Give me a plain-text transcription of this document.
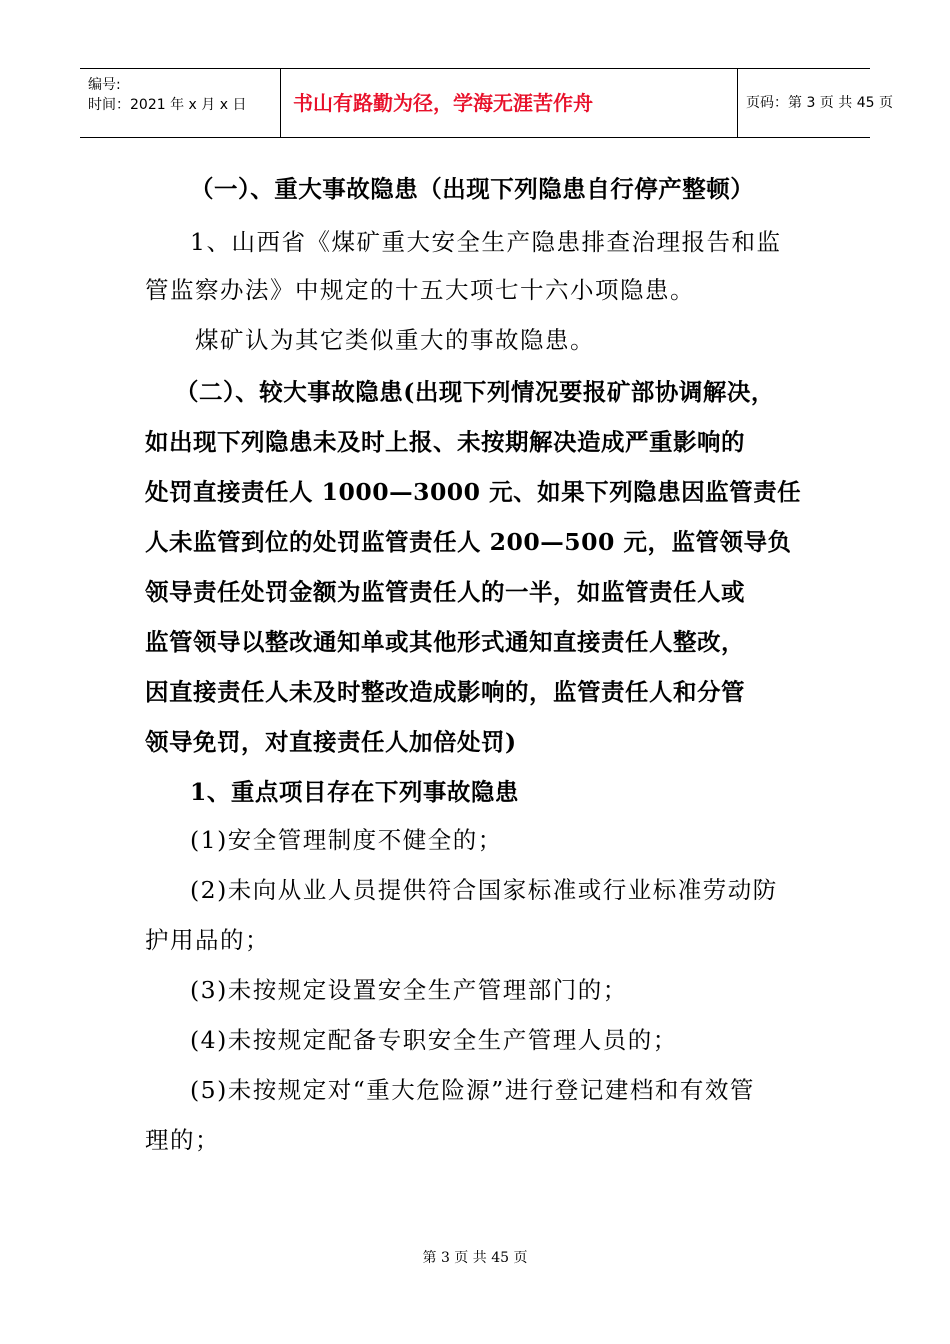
编号:
时间：2021 年 x 月 x 日	书山有路勤为径，学海无涯苦作舟	页码：第 3 页 共 45 页
（一）、重大事故隐患（出现下列隐患自行停产整顿）
1、山西省《煤矿重大安全生产隐患排查治理报告和监
管监察办法》中规定的十五大项七十六小项隐患。
煤矿认为其它类似重大的事故隐患。
（二）、较大事故隐患(出现下列情况要报矿部协调解决，
如出现下列隐患未及时上报、未按期解决造成严重影响的
处罚直接责任人 1000—3000 元、如果下列隐患因监管责任
人未监管到位的处罚监管责任人 200—500 元，监管领导负
领导责任处罚金额为监管责任人的一半，如监管责任人或
监管领导以整改通知单或其他形式通知直接责任人整改，
因直接责任人未及时整改造成影响的，监管责任人和分管
领导免罚，对直接责任人加倍处罚)
1、重点项目存在下列事故隐患
(1)安全管理制度不健全的；
(2)未向从业人员提供符合国家标准或行业标准劳动防
护用品的；
(3)未按规定设置安全生产管理部门的；
(4)未按规定配备专职安全生产管理人员的；
(5)未按规定对“重大危险源”进行登记建档和有效管
理的；
第 3 页 共 45 页
